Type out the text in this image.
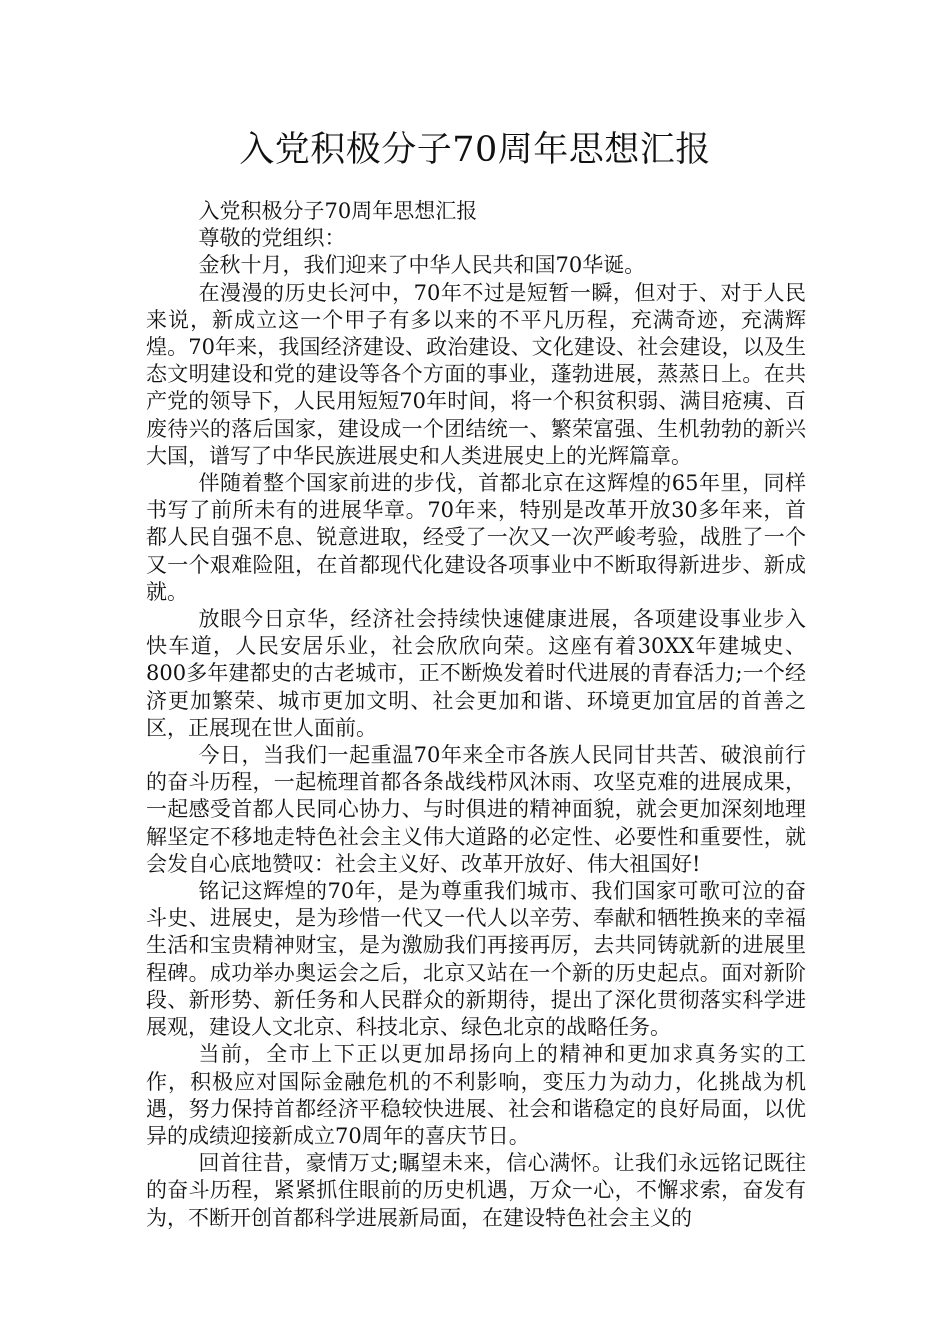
入党积极分子70周年思想汇报

入党积极分子70周年思想汇报

尊敬的党组织：

金秋十月，我们迎来了中华人民共和国70华诞。

在漫漫的历史长河中，70年不过是短暂一瞬，但对于、对于人民来说，新成立这一个甲子有多以来的不平凡历程，充满奇迹，充满辉煌。70年来，我国经济建设、政治建设、文化建设、社会建设，以及生态文明建设和党的建设等各个方面的事业，蓬勃进展，蒸蒸日上。在共产党的领导下，人民用短短70年时间，将一个积贫积弱、满目疮痍、百废待兴的落后国家，建设成一个团结统一、繁荣富强、生机勃勃的新兴大国，谱写了中华民族进展史和人类进展史上的光辉篇章。

伴随着整个国家前进的步伐，首都北京在这辉煌的65年里，同样书写了前所未有的进展华章。70年来，特别是改革开放30多年来，首都人民自强不息、锐意进取，经受了一次又一次严峻考验，战胜了一个又一个艰难险阻，在首都现代化建设各项事业中不断取得新进步、新成就。

放眼今日京华，经济社会持续快速健康进展，各项建设事业步入快车道，人民安居乐业，社会欣欣向荣。这座有着30XX年建城史、800多年建都史的古老城市，正不断焕发着时代进展的青春活力;一个经济更加繁荣、城市更加文明、社会更加和谐、环境更加宜居的首善之区，正展现在世人面前。

今日，当我们一起重温70年来全市各族人民同甘共苦、破浪前行的奋斗历程，一起梳理首都各条战线栉风沐雨、攻坚克难的进展成果，一起感受首都人民同心协力、与时俱进的精神面貌，就会更加深刻地理解坚定不移地走特色社会主义伟大道路的必定性、必要性和重要性，就会发自心底地赞叹：社会主义好、改革开放好、伟大祖国好!

铭记这辉煌的70年，是为尊重我们城市、我们国家可歌可泣的奋斗史、进展史，是为珍惜一代又一代人以辛劳、奉献和牺牲换来的幸福生活和宝贵精神财宝，是为激励我们再接再厉，去共同铸就新的进展里程碑。成功举办奥运会之后，北京又站在一个新的历史起点。面对新阶段、新形势、新任务和人民群众的新期待，提出了深化贯彻落实科学进展观，建设人文北京、科技北京、绿色北京的战略任务。

当前，全市上下正以更加昂扬向上的精神和更加求真务实的工作，积极应对国际金融危机的不利影响，变压力为动力，化挑战为机遇，努力保持首都经济平稳较快进展、社会和谐稳定的良好局面，以优异的成绩迎接新成立70周年的喜庆节日。

回首往昔，豪情万丈;瞩望未来，信心满怀。让我们永远铭记既往的奋斗历程，紧紧抓住眼前的历史机遇，万众一心，不懈求索，奋发有为，不断开创首都科学进展新局面，在建设特色社会主义的
